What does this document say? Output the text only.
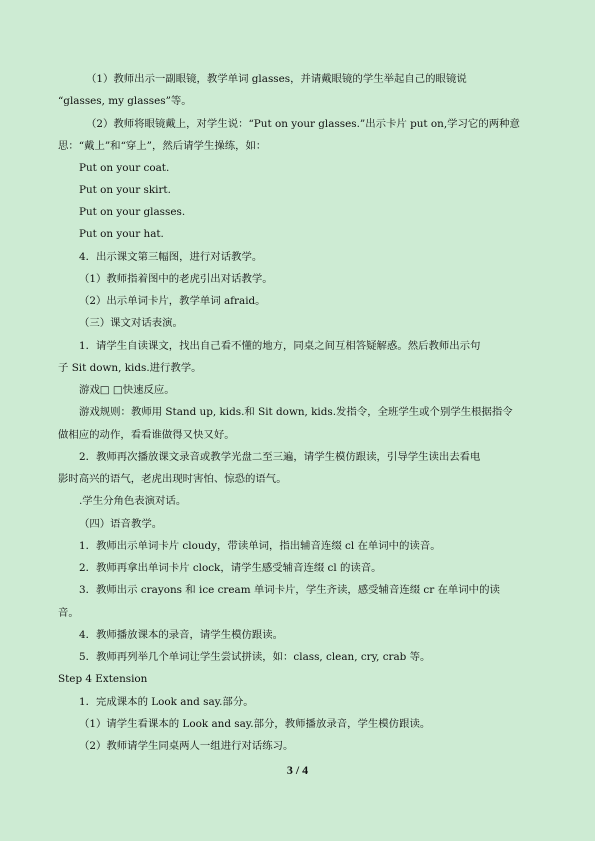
（1）教师出示一副眼镜，教学单词 glasses，并请戴眼镜的学生举起自己的眼镜说
“glasses, my glasses”等。
（2）教师将眼镜戴上，对学生说：“Put on your glasses.”出示卡片 put on,学习它的两种意
思：“戴上”和“穿上”，然后请学生操练，如：
Put on your coat.
Put on your skirt.
Put on your glasses.
Put on your hat.
4．出示课文第三幅图，进行对话教学。
（1）教师指着图中的老虎引出对话教学。
（2）出示单词卡片，教学单词 afraid。
（三）课文对话表演。
1．请学生自读课文，找出自己看不懂的地方，同桌之间互相答疑解惑。然后教师出示句
子 Sit down, kids.进行教学。
游戏□ □快速反应。
游戏规则：教师用 Stand up, kids.和 Sit down, kids.发指令，全班学生或个别学生根据指令
做相应的动作，看看谁做得又快又好。
2．教师再次播放课文录音或教学光盘二至三遍，请学生模仿跟读，引导学生读出去看电
影时高兴的语气，老虎出现时害怕、惊恐的语气。
.学生分角色表演对话。
（四）语音教学。
1．教师出示单词卡片 cloudy，带读单词，指出辅音连缀 cl 在单词中的读音。
2．教师再拿出单词卡片 clock，请学生感受辅音连缀 cl 的读音。
3．教师出示 crayons 和 ice cream 单词卡片，学生齐读，感受辅音连缀 cr 在单词中的读
音。
4．教师播放课本的录音，请学生模仿跟读。
5．教师再列举几个单词让学生尝试拼读，如：class, clean, cry, crab 等。
Step 4 Extension
1．完成课本的 Look and say.部分。
（1）请学生看课本的 Look and say.部分，教师播放录音，学生模仿跟读。
（2）教师请学生同桌两人一组进行对话练习。
3 / 4
